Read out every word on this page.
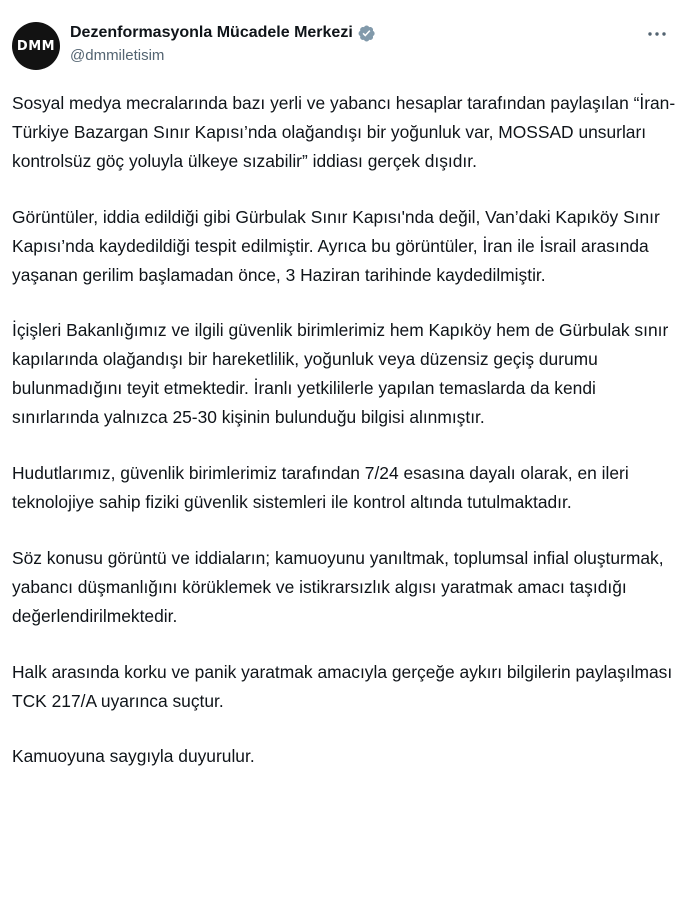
DMM
Dezenformasyonla Mücadele Merkezi
@dmmiletisim

Sosyal medya mecralarında bazı yerli ve yabancı hesaplar tarafından paylaşılan “İran-Türkiye Bazargan Sınır Kapısı’nda olağandışı bir yoğunluk var, MOSSAD unsurları kontrolsüz göç yoluyla ülkeye sızabilir” iddiası gerçek dışıdır.

Görüntüler, iddia edildiği gibi Gürbulak Sınır Kapısı'nda değil, Van’daki Kapıköy Sınır Kapısı’nda kaydedildiği tespit edilmiştir. Ayrıca bu görüntüler, İran ile İsrail arasında yaşanan gerilim başlamadan önce, 3 Haziran tarihinde kaydedilmiştir.

İçişleri Bakanlığımız ve ilgili güvenlik birimlerimiz hem Kapıköy hem de Gürbulak sınır kapılarında olağandışı bir hareketlilik, yoğunluk veya düzensiz geçiş durumu bulunmadığını teyit etmektedir. İranlı yetkililerle yapılan temaslarda da kendi sınırlarında yalnızca 25-30 kişinin bulunduğu bilgisi alınmıştır.

Hudutlarımız, güvenlik birimlerimiz tarafından 7/24 esasına dayalı olarak, en ileri teknolojiye sahip fiziki güvenlik sistemleri ile kontrol altında tutulmaktadır.

Söz konusu görüntü ve iddiaların; kamuoyunu yanıltmak, toplumsal infial oluşturmak, yabancı düşmanlığını körüklemek ve istikrarsızlık algısı yaratmak amacı taşıdığı değerlendirilmektedir.

Halk arasında korku ve panik yaratmak amacıyla gerçeğe aykırı bilgilerin paylaşılması TCK 217/A uyarınca suçtur.

Kamuoyuna saygıyla duyurulur.
